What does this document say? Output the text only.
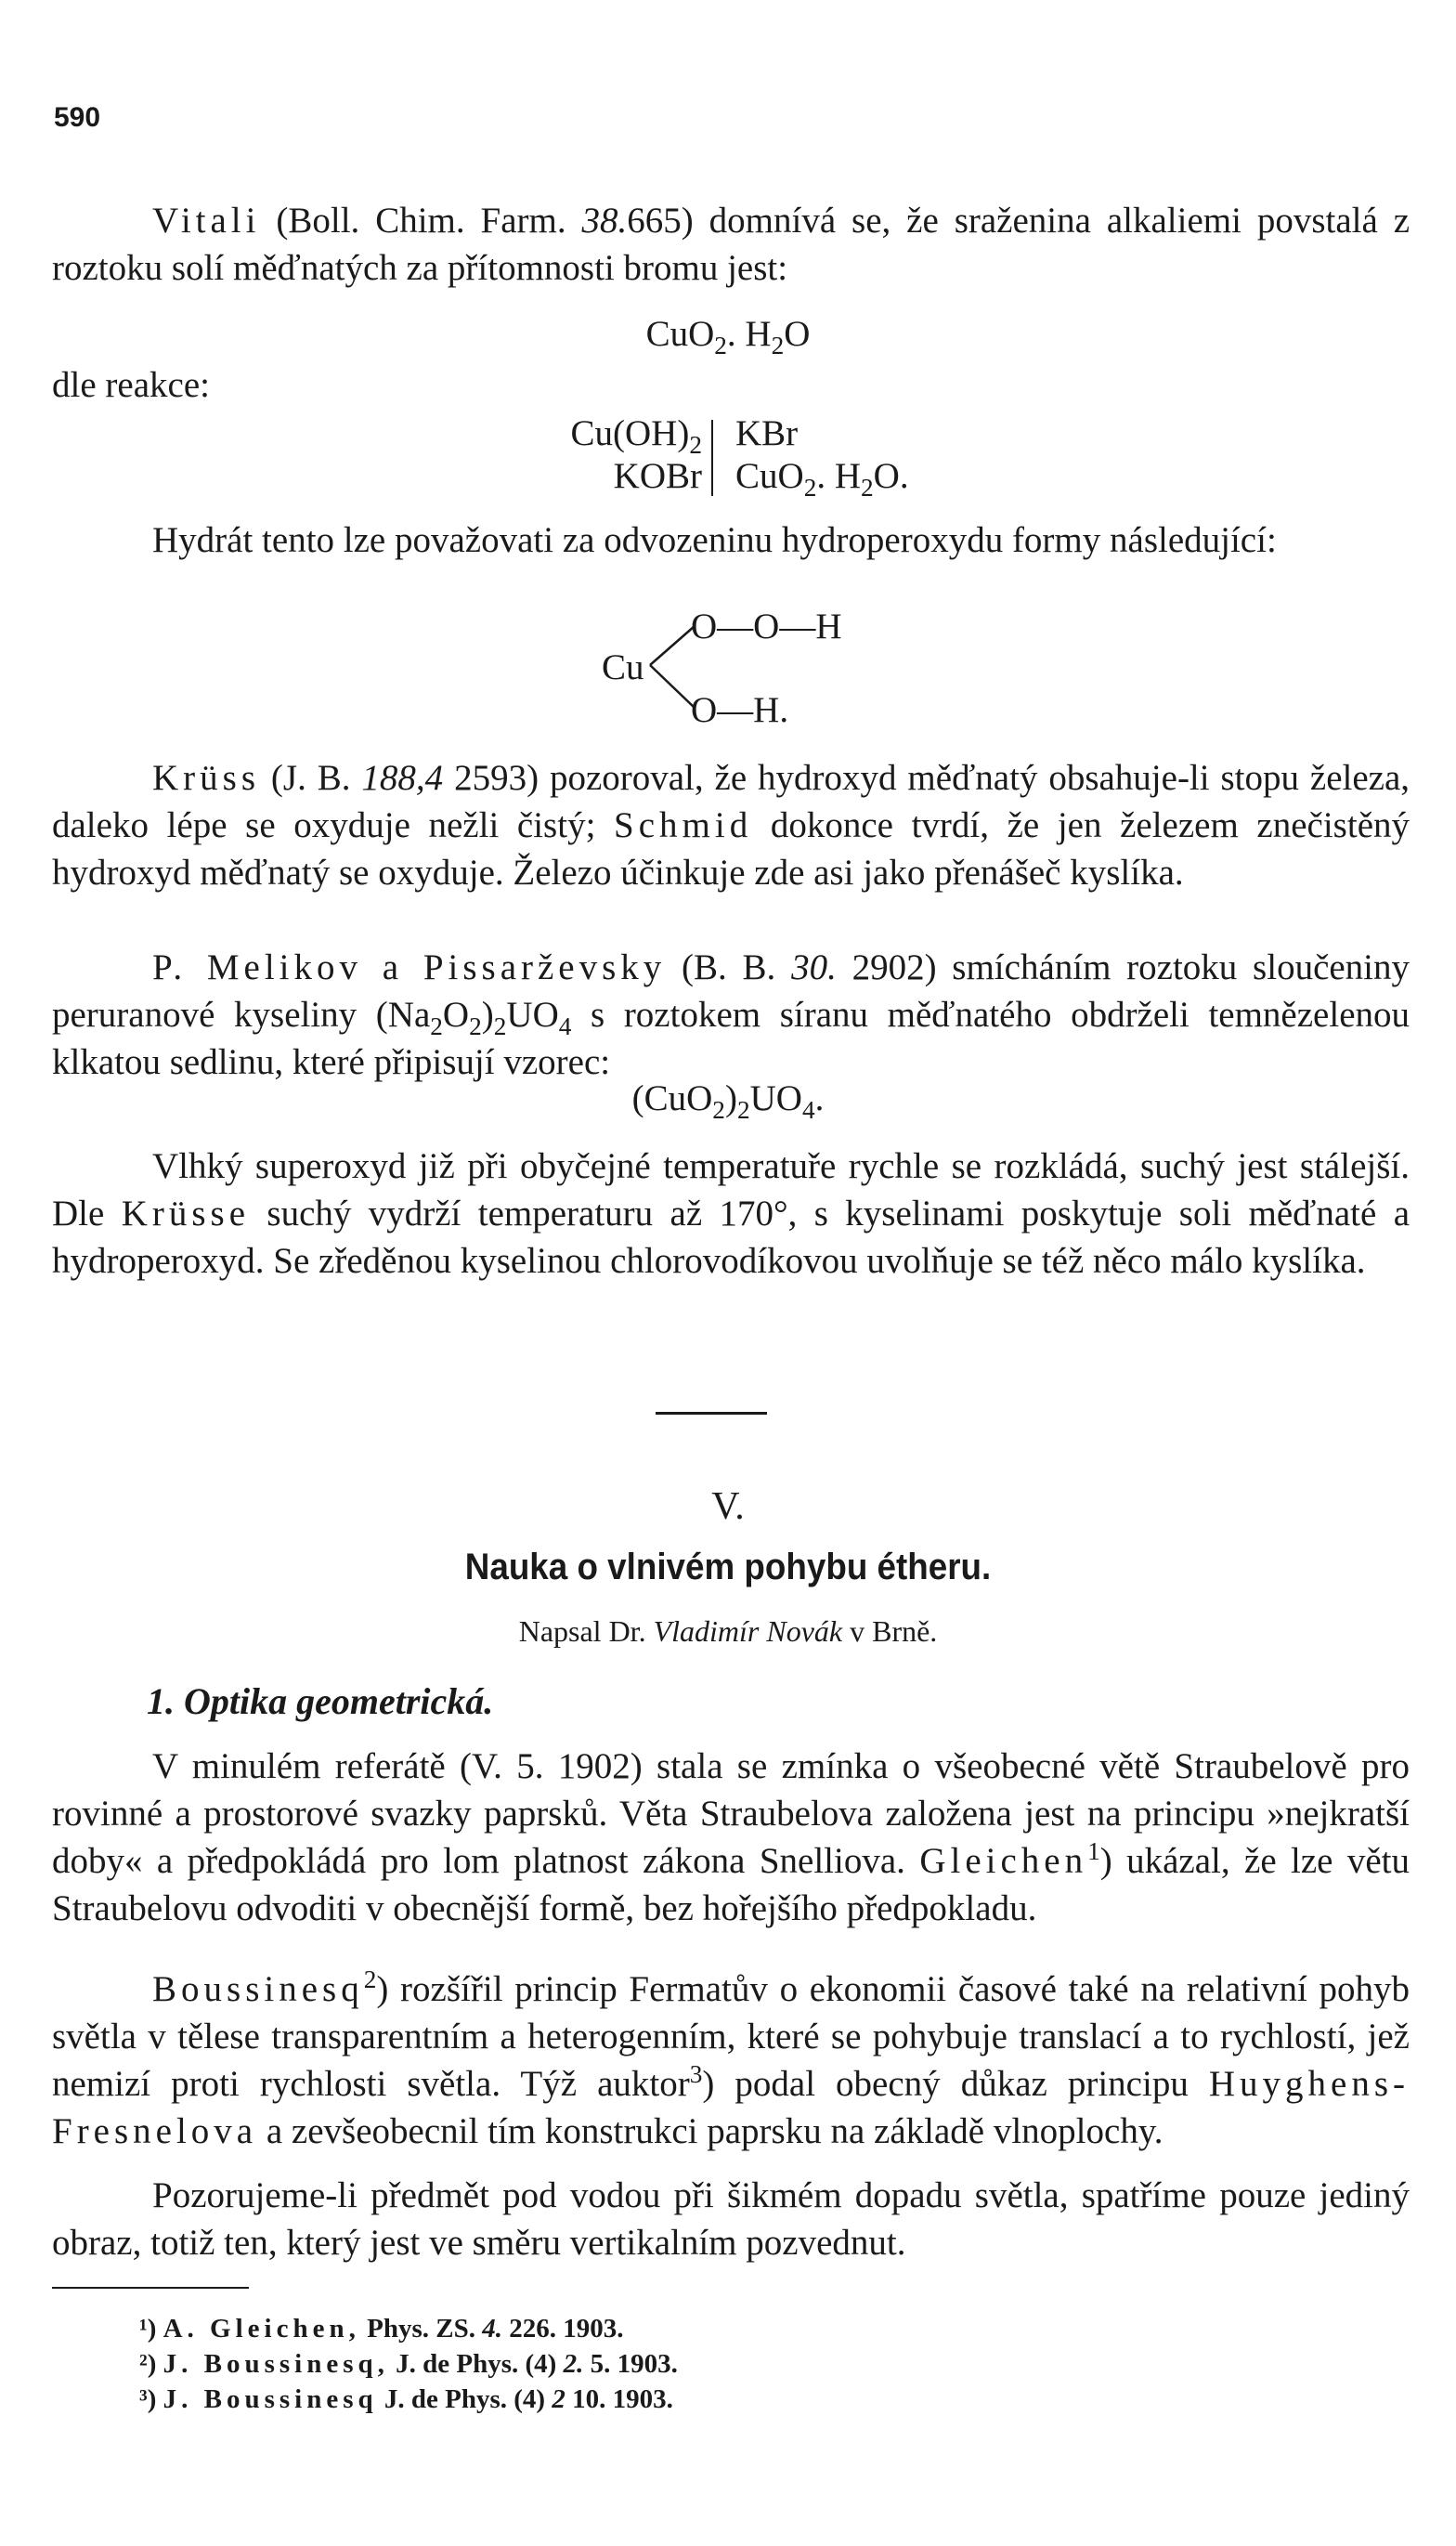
590
Vitali (Boll. Chim. Farm. 38.665) domnívá se, že sraženina alkaliemi povstalá z roztoku solí měďnatých za přítomnosti bromu jest:
CuO$_2$. $H_2O$
dle reakce:
$Cu(OH)_2$
KOBr
KBr
CuO$_2$. $H_2O$.
Hydrát tento lze považovati za odvozeninu hydroperoxydu formy následující:
Cu
O—O—H
O—H.
Krüss (J. B. 188,4 2593) pozoroval, že hydroxyd měďnatý obsahuje-li stopu železa, daleko lépe se oxyduje nežli čistý; Schmid dokonce tvrdí, že jen železem znečistěný hydroxyd měďnatý se oxyduje. Železo účinkuje zde asi jako přenášeč kyslíka.
P. Melikov a Pissarževsky (B. B. 30. 2902) smícháním roztoku sloučeniny peruranové kyseliny $(Na_2O_2)_2UO_4$ s roztokem síranu měďnatého obdrželi temnězelenou klkatou sedlinu, které připisují vzorec:
$(CuO_2)_2UO_4$.
Vlhký superoxyd již při obyčejné temperatuře rychle se rozkládá, suchý jest stálejší. Dle Krüsse suchý vydrží temperaturu až 170°, s kyselinami poskytuje soli měďnaté a hydroperoxyd. Se zředěnou kyselinou chlorovodíkovou uvolňuje se též něco málo kyslíka.
V.
Nauka o vlnivém pohybu étheru.
Napsal Dr. Vladimír Novák v Brně.
1. Optika geometrická.
V minulém referátě (V. 5. 1902) stala se zmínka o všeobecné větě Straubelově pro rovinné a prostorové svazky paprsků. Věta Straubelova založena jest na principu »nejkratší doby« a předpokládá pro lom platnost zákona Snelliova. Gleichen$^1$) ukázal, že lze větu Straubelovu odvoditi v obecnější formě, bez hořejšího předpokladu.
Boussinesq$^2$) rozšířil princip Fermatův o ekonomii časové také na relativní pohyb světla v tělese transparentním a heterogenním, které se pohybuje translací a to rychlostí, jež nemizí proti rychlosti světla. Týž auktor$^3$) podal obecný důkaz principu Huyghens-Fresnelova a zevšeobecnil tím konstrukci paprsku na základě vlnoplochy.
Pozorujeme-li předmět pod vodou při šikmém dopadu světla, spatříme pouze jediný obraz, totiž ten, který jest ve směru vertikalním pozvednut.
¹) A. Gleichen, Phys. ZS. 4. 226. 1903.
²) J. Boussinesq, J. de Phys. (4) 2. 5. 1903.
³) J. Boussinesq J. de Phys. (4) 2 10. 1903.
